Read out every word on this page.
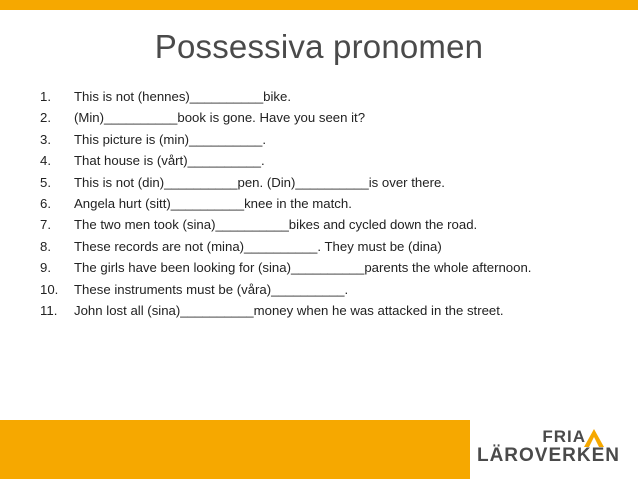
Possessiva pronomen
1.	This is not (hennes)__________bike.
2.	(Min)__________book is gone. Have you seen it?
3.	This picture is (min)__________.
4.	That house is (vårt)__________.
5.	This is not (din)__________pen. (Din)__________is over there.
6.	Angela hurt (sitt)__________knee in the match.
7.	The two men took (sina)__________bikes and cycled down the road.
8.	These records are not (mina)__________. They must be (dina)
9.	The girls have been looking for (sina)__________parents the whole afternoon.
10.	These instruments must be (våra)__________.
11.	John lost all (sina)__________money when he was attacked in the street.
FRIA
LÄROVERKEN
